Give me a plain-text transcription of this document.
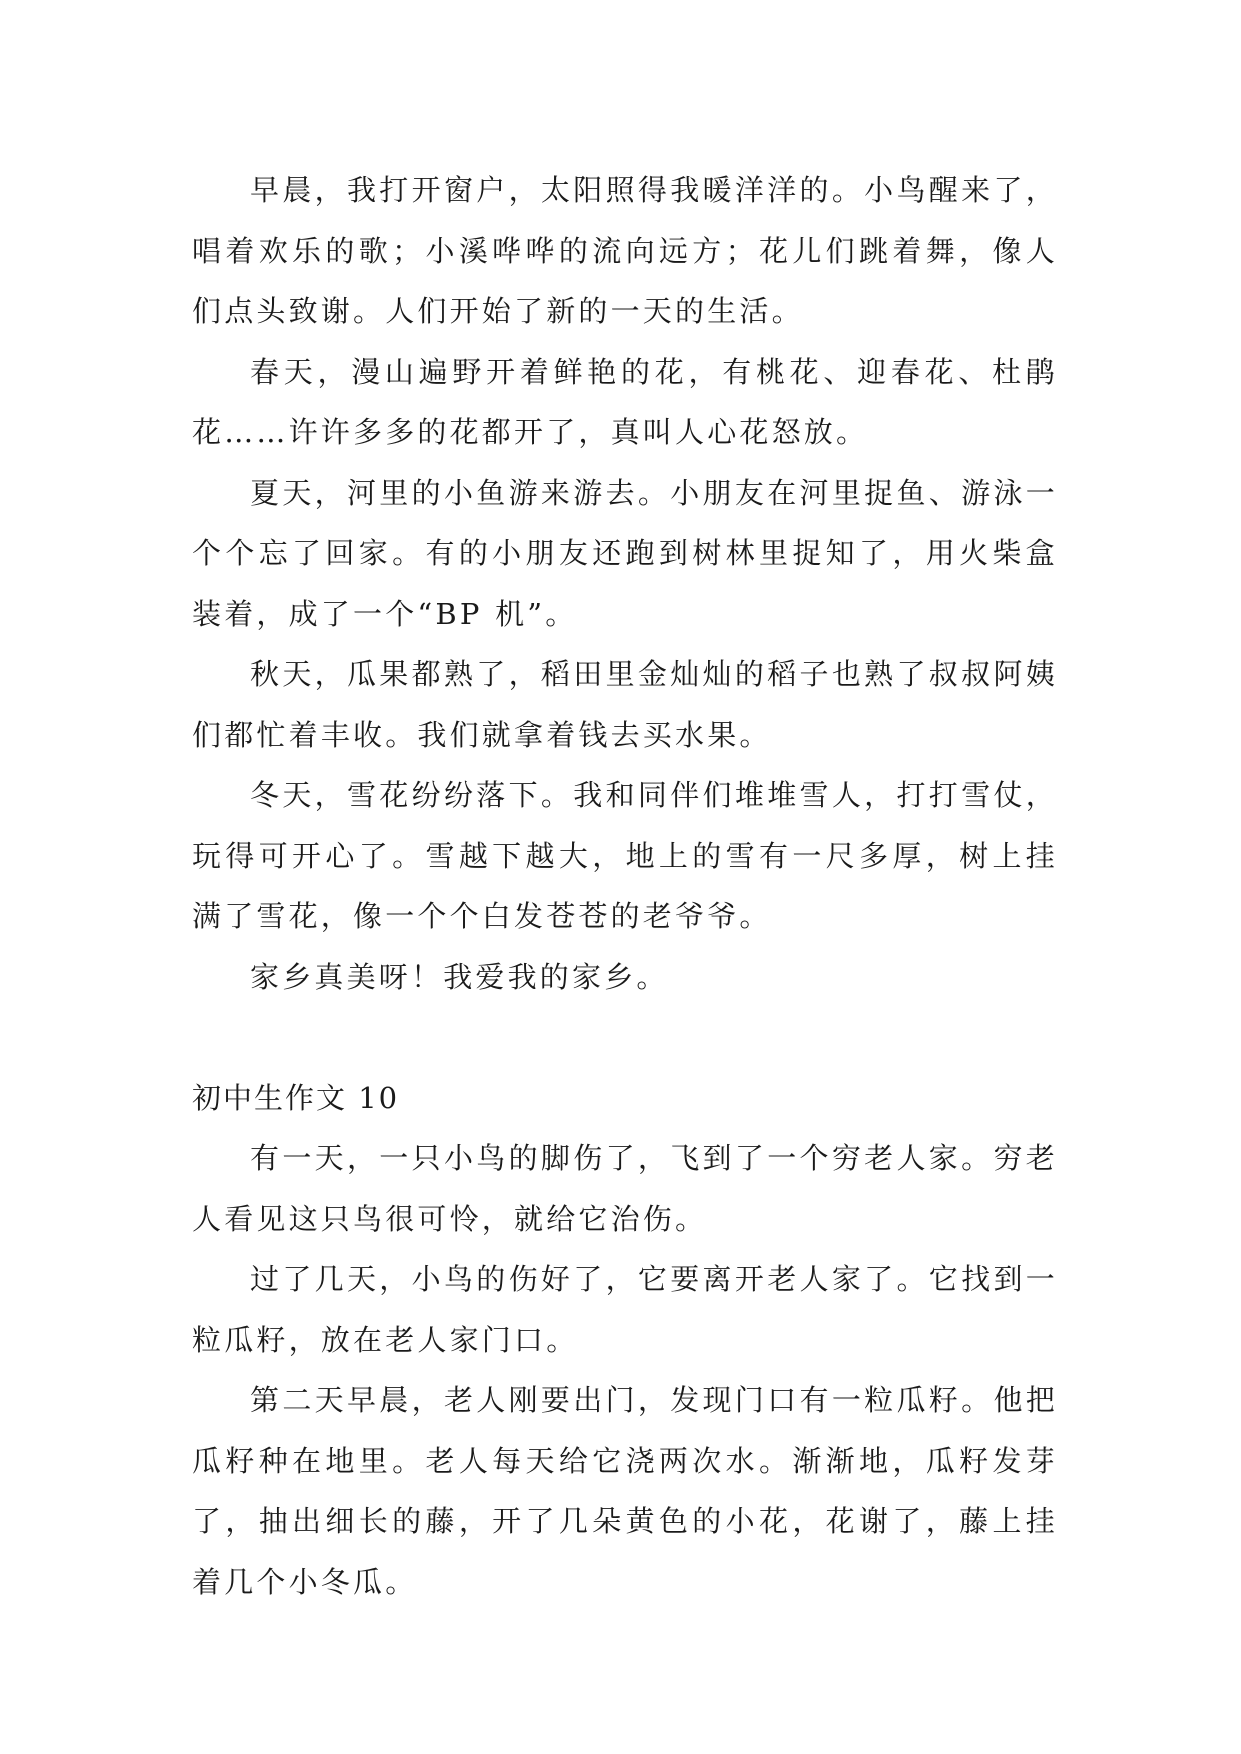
早晨，我打开窗户，太阳照得我暖洋洋的。小鸟醒来了，唱着欢乐的歌；小溪哗哗的流向远方；花儿们跳着舞，像人们点头致谢。人们开始了新的一天的生活。

春天，漫山遍野开着鲜艳的花，有桃花、迎春花、杜鹃花……许许多多的花都开了，真叫人心花怒放。

夏天，河里的小鱼游来游去。小朋友在河里捉鱼、游泳一个个忘了回家。有的小朋友还跑到树林里捉知了，用火柴盒装着，成了一个“BP 机”。

秋天，瓜果都熟了，稻田里金灿灿的稻子也熟了叔叔阿姨们都忙着丰收。我们就拿着钱去买水果。

冬天，雪花纷纷落下。我和同伴们堆堆雪人，打打雪仗，玩得可开心了。雪越下越大，地上的雪有一尺多厚，树上挂满了雪花，像一个个白发苍苍的老爷爷。

家乡真美呀！我爱我的家乡。

初中生作文 10

有一天，一只小鸟的脚伤了，飞到了一个穷老人家。穷老人看见这只鸟很可怜，就给它治伤。

过了几天，小鸟的伤好了，它要离开老人家了。它找到一粒瓜籽，放在老人家门口。

第二天早晨，老人刚要出门，发现门口有一粒瓜籽。他把瓜籽种在地里。老人每天给它浇两次水。渐渐地，瓜籽发芽了，抽出细长的藤，开了几朵黄色的小花，花谢了，藤上挂着几个小冬瓜。
